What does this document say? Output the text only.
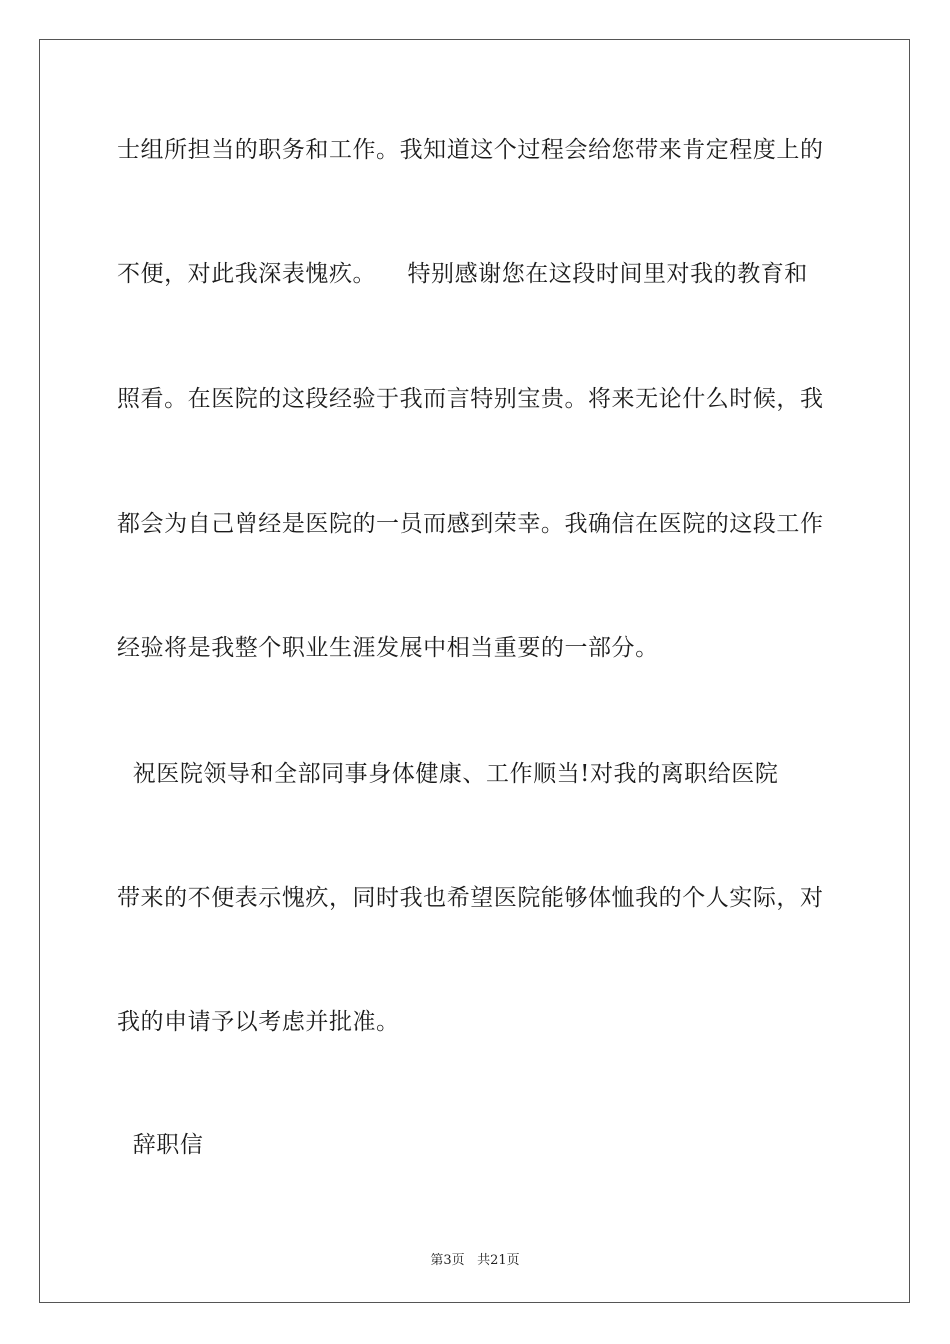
士组所担当的职务和工作。我知道这个过程会给您带来肯定程度上的
不便，对此我深表愧疚。    特别感谢您在这段时间里对我的教育和
照看。在医院的这段经验于我而言特别宝贵。将来无论什么时候，我
都会为自己曾经是医院的一员而感到荣幸。我确信在医院的这段工作
经验将是我整个职业生涯发展中相当重要的一部分。
祝医院领导和全部同事身体健康、工作顺当!对我的离职给医院
带来的不便表示愧疚，同时我也希望医院能够体恤我的个人实际，对
我的申请予以考虑并批准。
辞职信
第3页 共21页
